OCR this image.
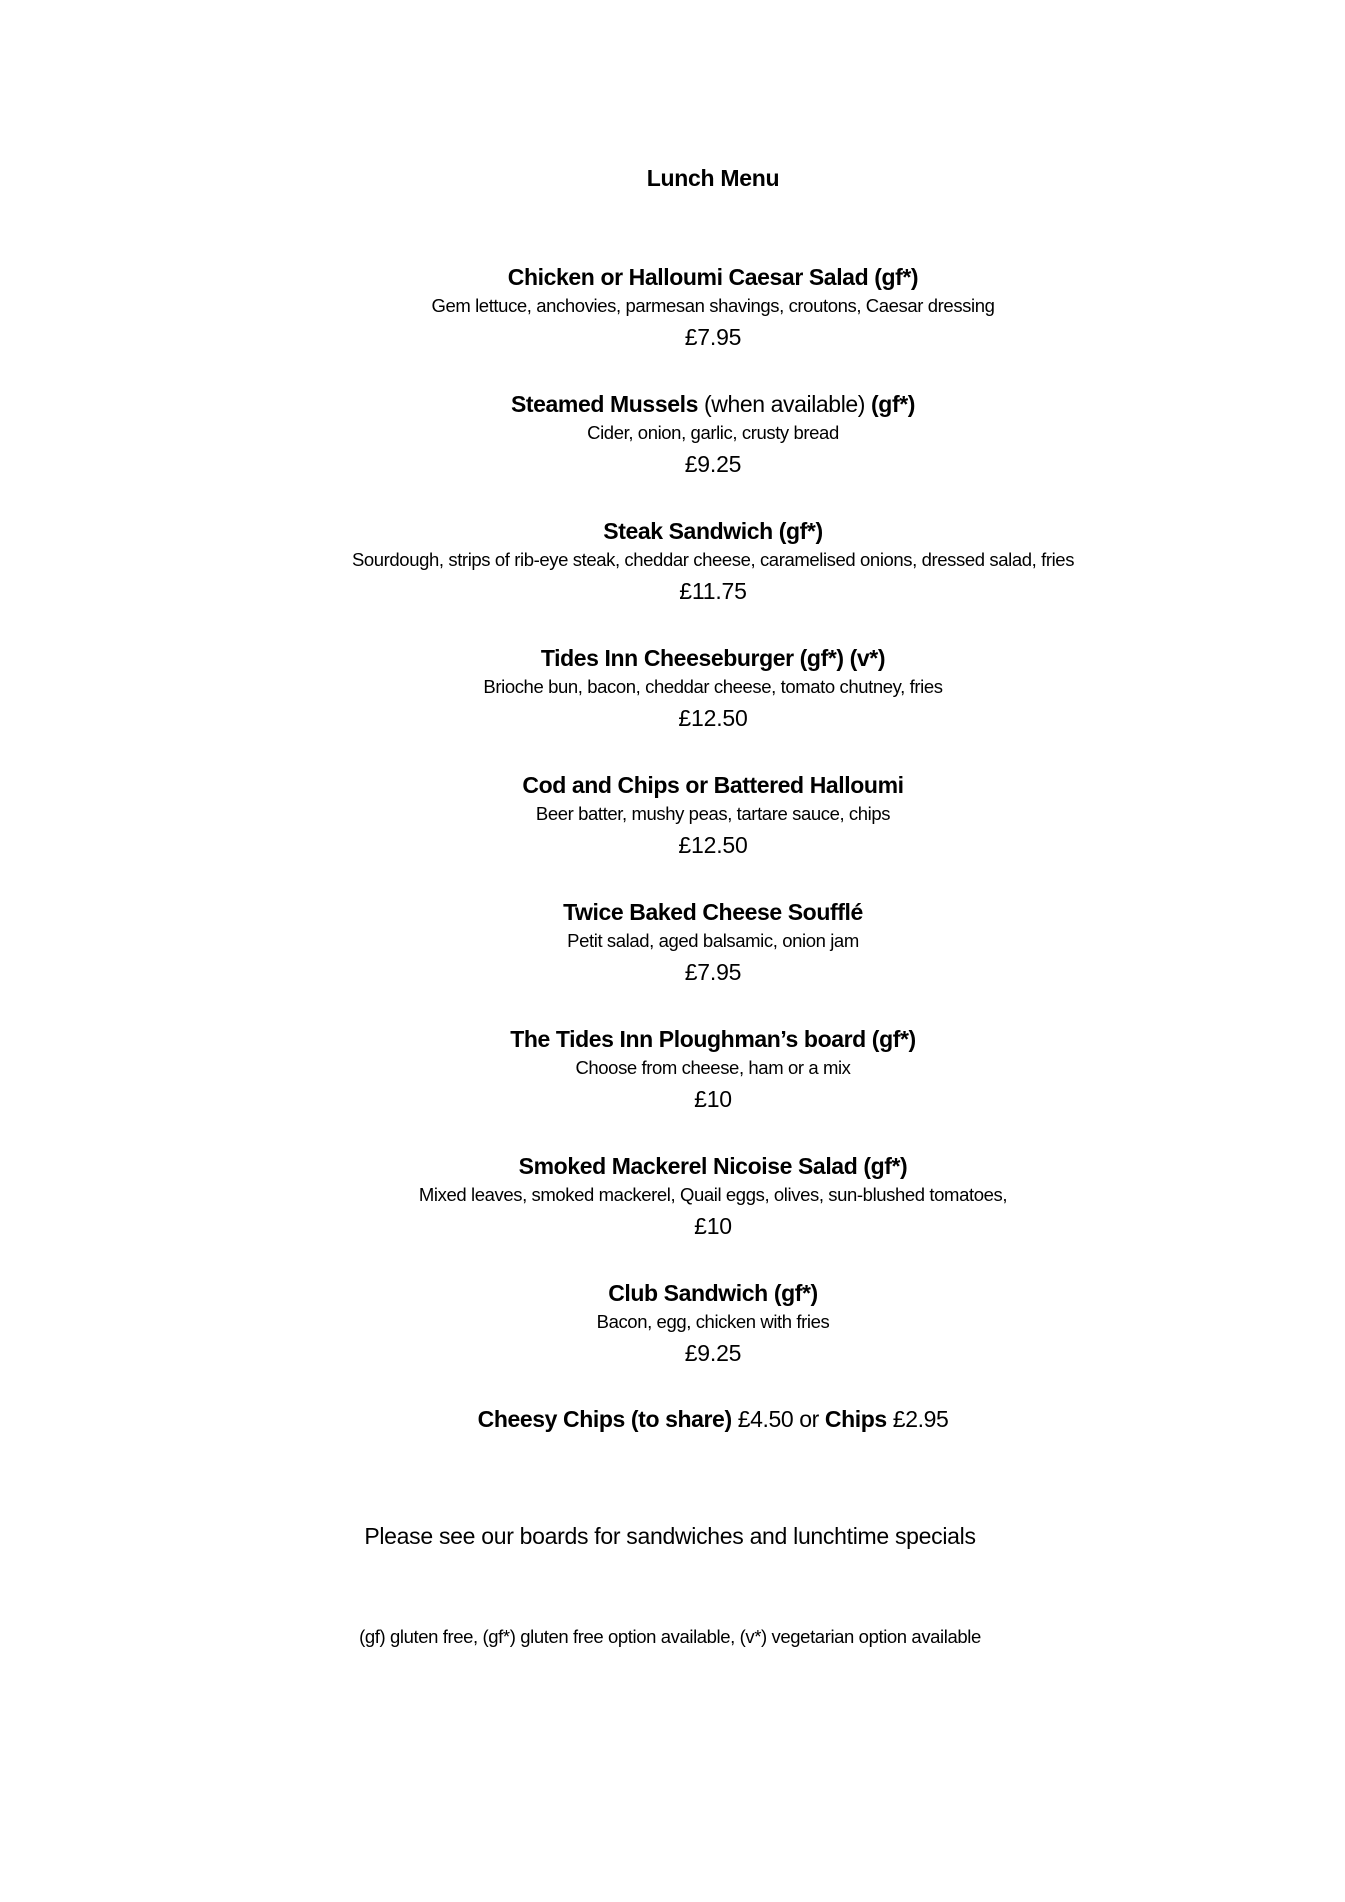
Lunch Menu
Chicken or Halloumi Caesar Salad (gf*)
Gem lettuce, anchovies, parmesan shavings, croutons, Caesar dressing
£7.95
Steamed Mussels (when available) (gf*)
Cider, onion, garlic, crusty bread
£9.25
Steak Sandwich (gf*)
Sourdough, strips of rib-eye steak, cheddar cheese, caramelised onions, dressed salad, fries
£11.75
Tides Inn Cheeseburger (gf*) (v*)
Brioche bun, bacon, cheddar cheese, tomato chutney, fries
£12.50
Cod and Chips or Battered Halloumi
Beer batter, mushy peas, tartare sauce, chips
£12.50
Twice Baked Cheese Soufflé
Petit salad, aged balsamic, onion jam
£7.95
The Tides Inn Ploughman’s board (gf*)
Choose from cheese, ham or a mix
£10
Smoked Mackerel Nicoise Salad (gf*)
Mixed leaves, smoked mackerel, Quail eggs, olives, sun-blushed tomatoes,
£10
Club Sandwich (gf*)
Bacon, egg, chicken with fries
£9.25
Cheesy Chips (to share) £4.50 or Chips £2.95
Please see our boards for sandwiches and lunchtime specials
(gf) gluten free, (gf*) gluten free option available, (v*) vegetarian option available
